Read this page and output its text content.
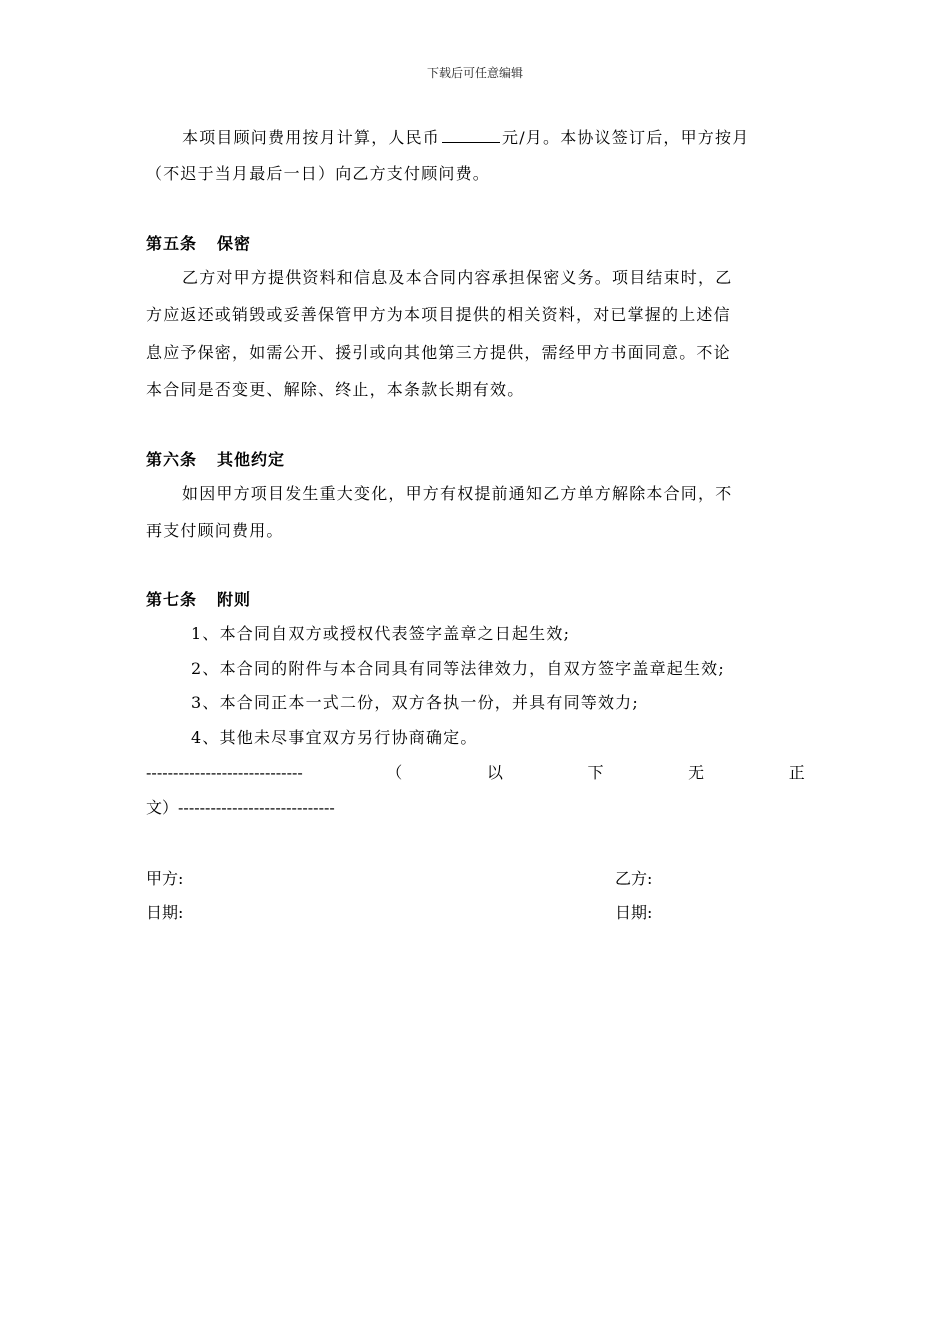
下载后可任意编辑
本项目顾问费用按月计算，人民币	元/月。本协议签订后，甲方按月
（不迟于当月最后一日）向乙方支付顾问费。
第五条 保密
乙方对甲方提供资料和信息及本合同内容承担保密义务。项目结束时，乙
方应返还或销毁或妥善保管甲方为本项目提供的相关资料，对已掌握的上述信
息应予保密，如需公开、援引或向其他第三方提供，需经甲方书面同意。不论
本合同是否变更、解除、终止，本条款长期有效。
第六条 其他约定
如因甲方项目发生重大变化，甲方有权提前通知乙方单方解除本合同，不
再支付顾问费用。
第七条 附则
1、本合同自双方或授权代表签字盖章之日起生效;
2、本合同的附件与本合同具有同等法律效力，自双方签字盖章起生效;
3、本合同正本一式二份，双方各执一份，并具有同等效力;
4、其他未尽事宜双方另行协商确定。
-----------------------------	（	以	下	无	正
文）-----------------------------
甲方:	乙方:
日期:	日期:
